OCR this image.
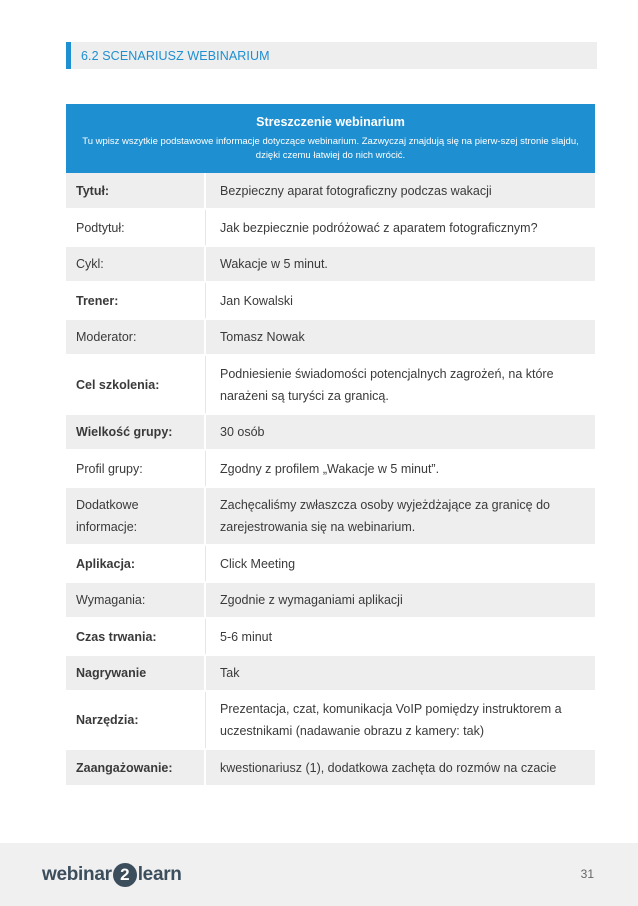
6.2 SCENARIUSZ WEBINARIUM
Streszczenie webinarium
Tu wpisz wszytkie podstawowe informacje dotyczące webinarium. Zazwyczaj znajdują się na pierw-szej stronie slajdu, dzięki czemu łatwiej do nich wrócić.
Tytuł:	Bezpieczny aparat fotograficzny podczas wakacji
Podtytuł:	Jak bezpiecznie podróżować z aparatem fotograficznym?
Cykl:	Wakacje w 5 minut.
Trener:	Jan Kowalski
Moderator:	Tomasz Nowak
Cel szkolenia:
Podniesienie świadomości potencjalnych zagrożeń, na które narażeni są turyści za granicą.
Wielkość grupy:	30 osób
Profil grupy:	Zgodny z profilem „Wakacje w 5 minut”.
Dodatkowe informacje:
Zachęcaliśmy zwłaszcza osoby wyjeżdżające za granicę do zarejestrowania się na webinarium.
Aplikacja:	Click Meeting
Wymagania:	Zgodnie z wymaganiami aplikacji
Czas trwania:	5-6 minut
Nagrywanie	Tak
Narzędzia:
Prezentacja, czat, komunikacja VoIP pomiędzy instruktorem a uczestnikami (nadawanie obrazu z kamery: tak)
Zaangażowanie:	kwestionariusz (1), dodatkowa zachęta do rozmów na czacie
webinar 2 learn	31
